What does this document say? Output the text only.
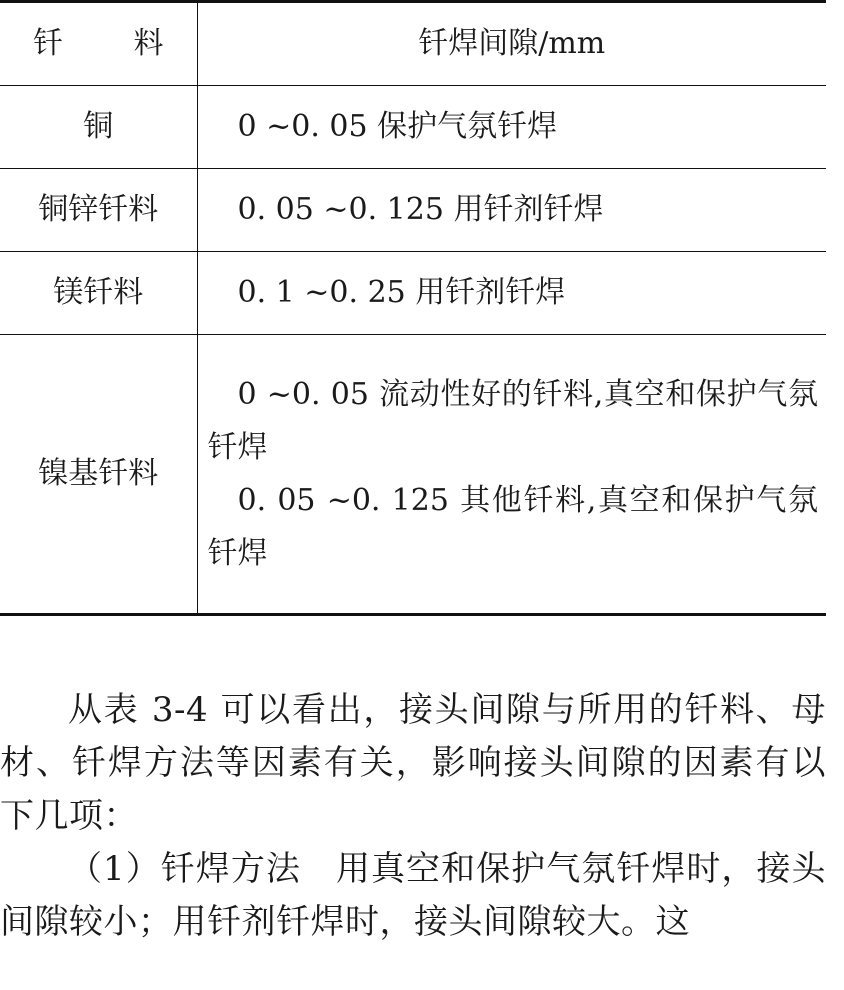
钎 料	钎焊间隙/mm
铜	0 ~0. 05 保护气氛钎焊
铜锌钎料	0. 05 ~0. 125 用钎剂钎焊
镁钎料	0. 1 ~0. 25 用钎剂钎焊
镍基钎料	0 ~0. 05 流动性好的钎料,真空和保护气氛钎焊
0. 05 ~0. 125 其他钎料,真空和保护气氛钎焊

从表 3-4 可以看出，接头间隙与所用的钎料、母材、钎焊方法等因素有关，影响接头间隙的因素有以下几项：

（1）钎焊方法　用真空和保护气氛钎焊时，接头间隙较小；用钎剂钎焊时，接头间隙较大。这
